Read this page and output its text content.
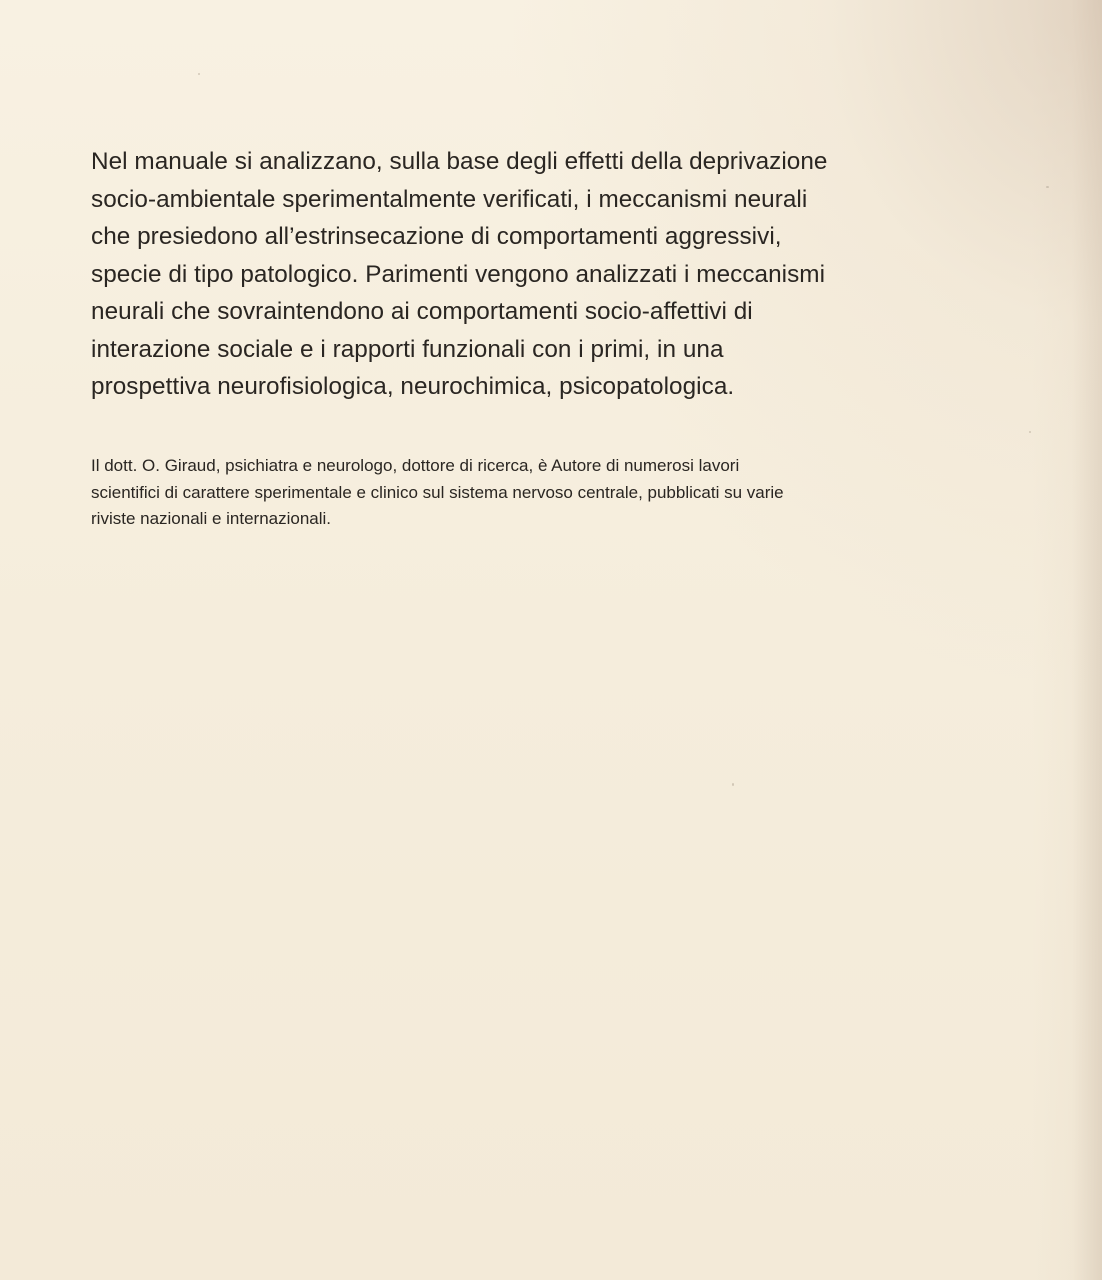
Nel manuale si analizzano, sulla base degli effetti della deprivazione
socio-ambientale sperimentalmente verificati, i meccanismi neurali
che presiedono all’estrinsecazione di comportamenti aggressivi,
specie di tipo patologico. Parimenti vengono analizzati i meccanismi
neurali che sovraintendono ai comportamenti socio-affettivi di
interazione sociale e i rapporti funzionali con i primi, in una
prospettiva neurofisiologica, neurochimica, psicopatologica.

Il dott. O. Giraud, psichiatra e neurologo, dottore di ricerca, è Autore di numerosi lavori
scientifici di carattere sperimentale e clinico sul sistema nervoso centrale, pubblicati su varie
riviste nazionali e internazionali.
